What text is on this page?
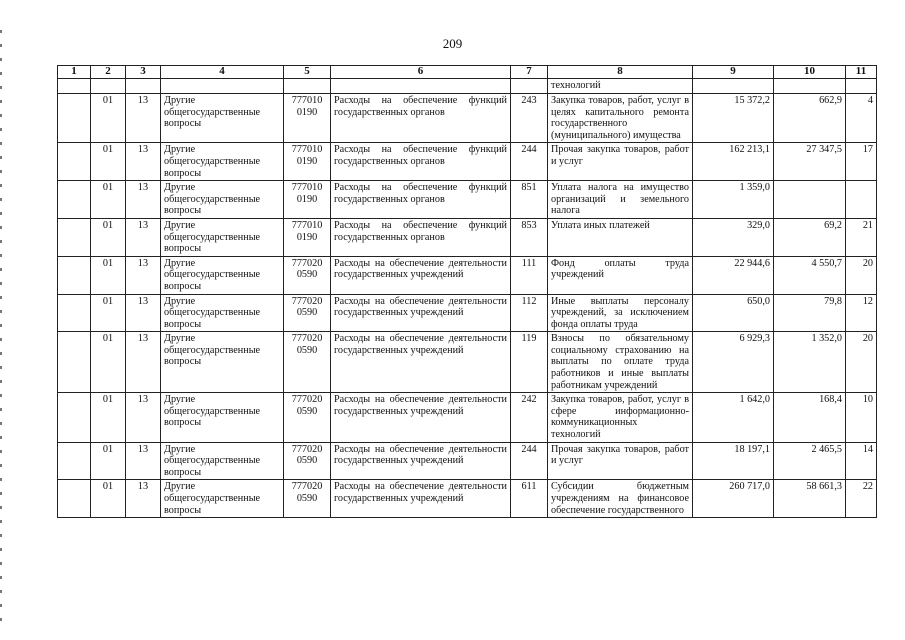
209
1	2	3	4	5	6	7	8	9	10	11
							технологий			
	01	13	Другие общегосударственные вопросы	777010 0190	Расходы на обеспечение функций государственных органов	243	Закупка товаров, работ, услуг в целях капитального ремонта государственного (муниципального) имущества	15 372,2	662,9	4
	01	13	Другие общегосударственные вопросы	777010 0190	Расходы на обеспечение функций государственных органов	244	Прочая закупка товаров, работ и услуг	162 213,1	27 347,5	17
	01	13	Другие общегосударственные вопросы	777010 0190	Расходы на обеспечение функций государственных органов	851	Уплата налога на имущество организаций и земельного налога	1 359,0		
	01	13	Другие общегосударственные вопросы	777010 0190	Расходы на обеспечение функций государственных органов	853	Уплата иных платежей	329,0	69,2	21
	01	13	Другие общегосударственные вопросы	777020 0590	Расходы на обеспечение деятельности государственных учреждений	111	Фонд оплаты труда учреждений	22 944,6	4 550,7	20
	01	13	Другие общегосударственные вопросы	777020 0590	Расходы на обеспечение деятельности государственных учреждений	112	Иные выплаты персоналу учреждений, за исключением фонда оплаты труда	650,0	79,8	12
	01	13	Другие общегосударственные вопросы	777020 0590	Расходы на обеспечение деятельности государственных учреждений	119	Взносы по обязательному социальному страхованию на выплаты по оплате труда работников и иные выплаты работникам учреждений	6 929,3	1 352,0	20
	01	13	Другие общегосударственные вопросы	777020 0590	Расходы на обеспечение деятельности государственных учреждений	242	Закупка товаров, работ, услуг в сфере информационно-коммуникационных технологий	1 642,0	168,4	10
	01	13	Другие общегосударственные вопросы	777020 0590	Расходы на обеспечение деятельности государственных учреждений	244	Прочая закупка товаров, работ и услуг	18 197,1	2 465,5	14
	01	13	Другие общегосударственные вопросы	777020 0590	Расходы на обеспечение деятельности государственных учреждений	611	Субсидии бюджетным учреждениям на финансовое обеспечение государственного	260 717,0	58 661,3	22
